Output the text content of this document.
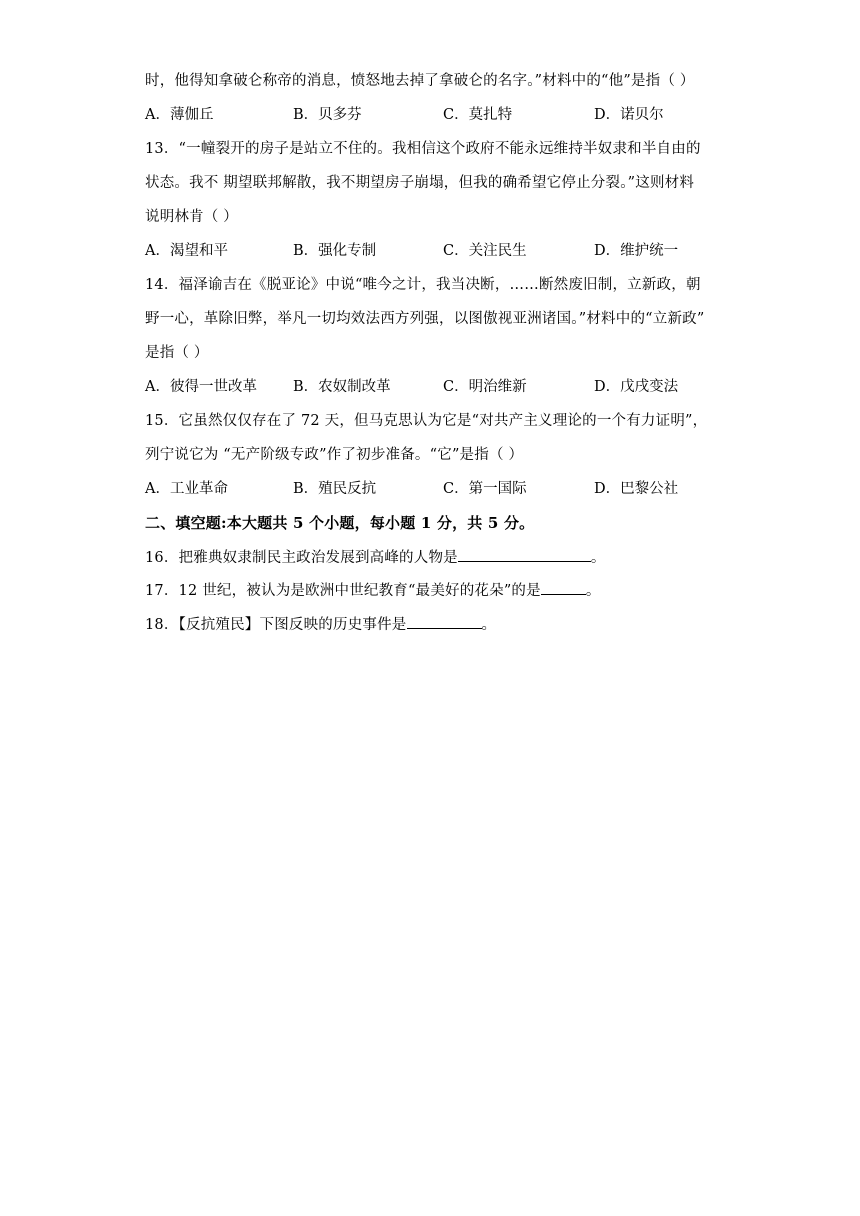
时，他得知拿破仑称帝的消息，愤怒地去掉了拿破仑的名字。”材料中的“他”是指（ ）
A．薄伽丘	B．贝多芬	C．莫扎特	D．诺贝尔
13．“一幢裂开的房子是站立不住的。我相信这个政府不能永远维持半奴隶和半自由的
状态。我不 期望联邦解散，我不期望房子崩塌，但我的确希望它停止分裂。”这则材料
说明林肯（ ）
A．渴望和平	B．强化专制	C．关注民生	D．维护统一
14．福泽谕吉在《脱亚论》中说“唯今之计，我当决断，……断然废旧制，立新政，朝
野一心，革除旧弊，举凡一切均效法西方列强，以图傲视亚洲诸国。”材料中的“立新政”
是指（ ）
A．彼得一世改革 B．农奴制改革	C．明治维新	D．戊戌变法
15．它虽然仅仅存在了 72 天，但马克思认为它是“对共产主义理论的一个有力证明”，
列宁说它为 “无产阶级专政”作了初步准备。“它”是指（ ）
A．工业革命	B．殖民反抗	C．第一国际	D．巴黎公社
二、填空题:本大题共 5 个小题，每小题 1 分，共 5 分。
16．把雅典奴隶制民主政治发展到高峰的人物是	。
17．12 世纪，被认为是欧洲中世纪教育“最美好的花朵”的是	。
18．【反抗殖民】下图反映的历史事件是	。
